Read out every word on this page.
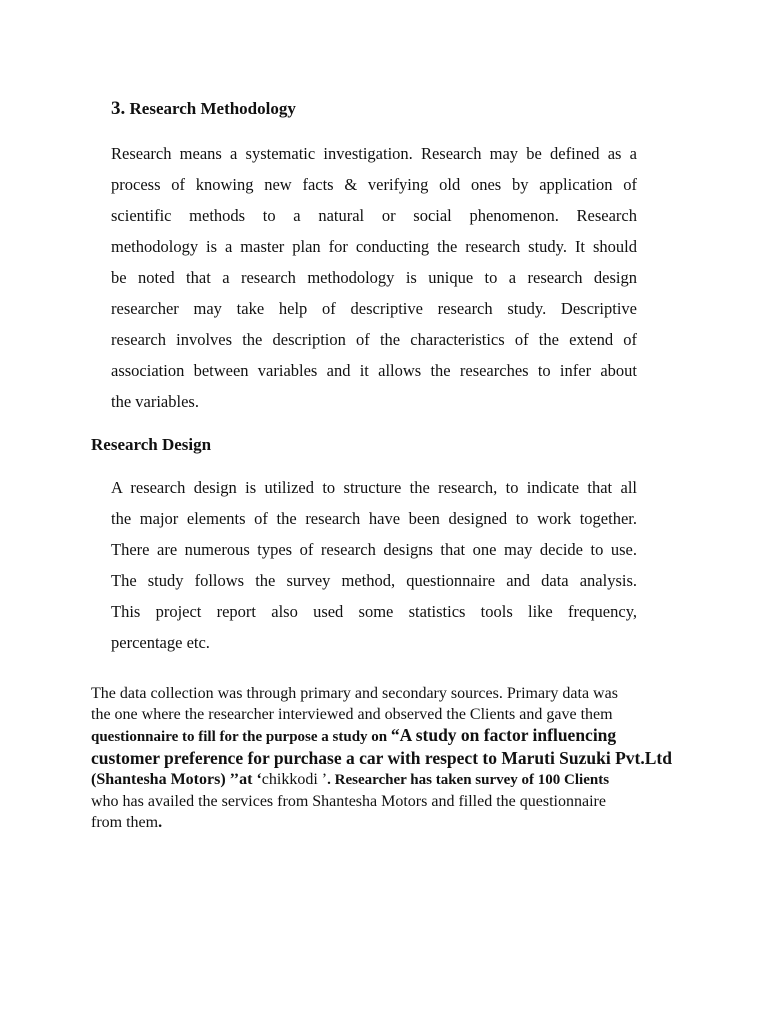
3. Research Methodology

Research means a systematic investigation. Research may be defined as a
process of knowing new facts & verifying old ones by application of
scientific methods to a natural or social phenomenon. Research
methodology is a master plan for conducting the research study. It should
be noted that a research methodology is unique to a research design
researcher may take help of descriptive research study. Descriptive
research involves the description of the characteristics of the extend of
association between variables and it allows the researches to infer about
the variables.

Research Design

A research design is utilized to structure the research, to indicate that all
the major elements of the research have been designed to work together.
There are numerous types of research designs that one may decide to use.
The study follows the survey method, questionnaire and data analysis.
This project report also used some statistics tools like frequency,
percentage etc.

The data collection was through primary and secondary sources. Primary data was
the one where the researcher interviewed and observed the Clients and gave them
questionnaire to fill for the purpose a study on “A study on factor influencing
customer preference for purchase a car with respect to Maruti Suzuki Pvt.Ltd
(Shantesha Motors) ’’at ‘chikkodi ’. Researcher has taken survey of 100 Clients
who has availed the services from Shantesha Motors and filled the questionnaire
from them.
